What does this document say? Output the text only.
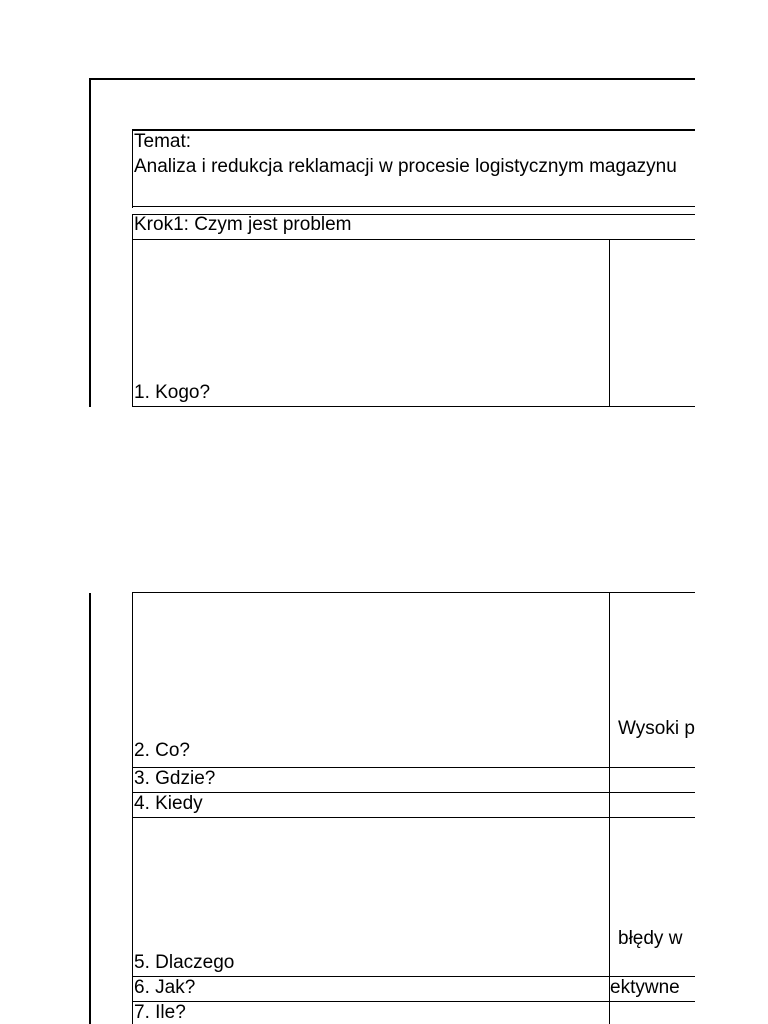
Temat:
Analiza i redukcja reklamacji w procesie logistycznym magazynu
Krok1: Czym jest problem
1. Kogo?
2. Co?
3. Gdzie?
4. Kiedy
5. Dlaczego
6. Jak?
7. Ile?
Wysoki p
błędy w
ektywne
